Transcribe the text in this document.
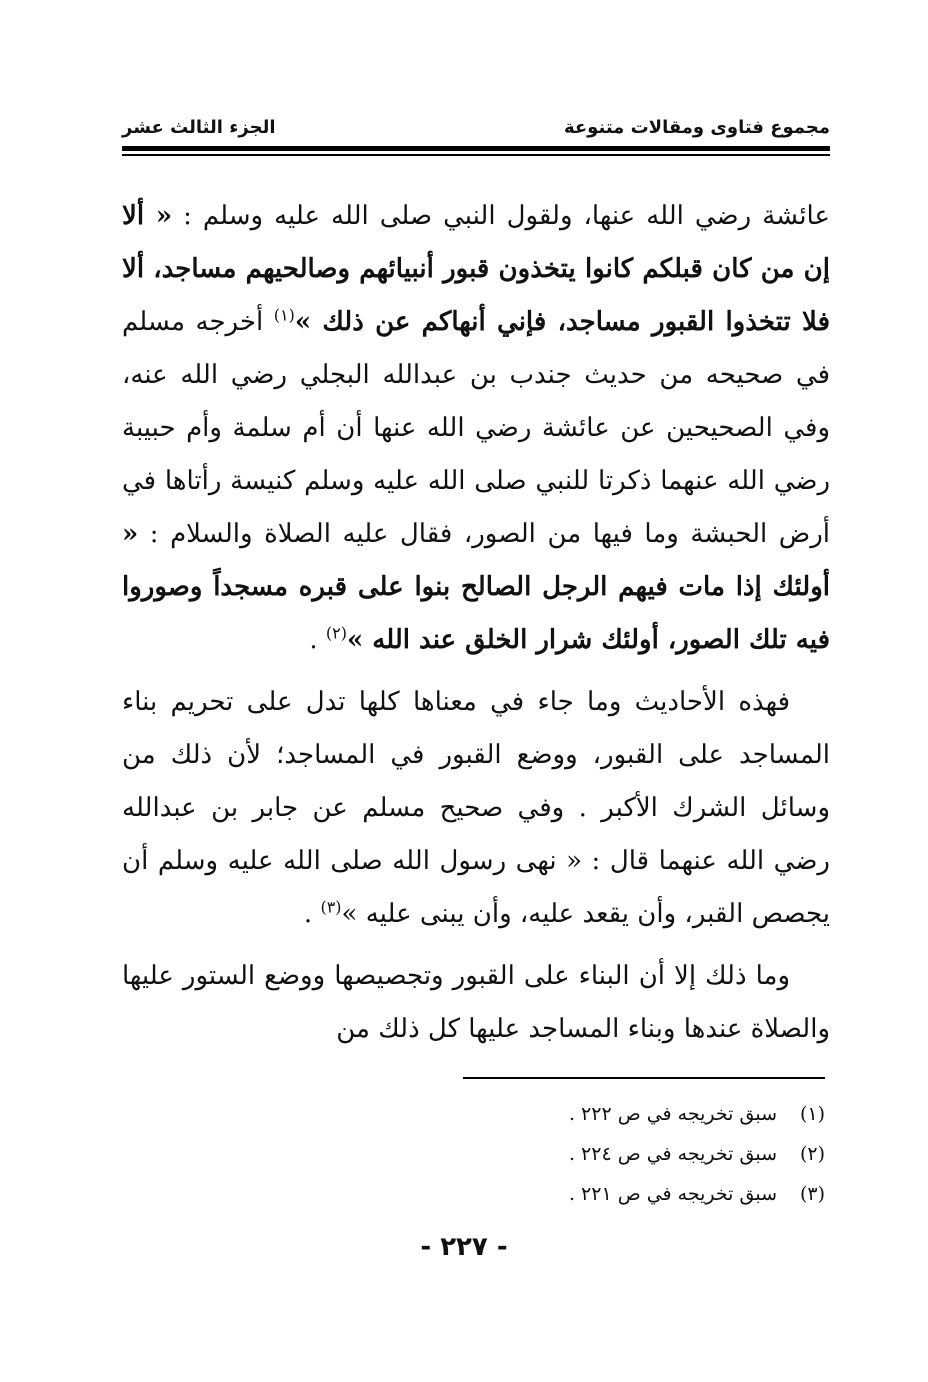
مجموع فتاوى ومقالات متنوعة
الجزء الثالث عشر

عائشة رضي الله عنها، ولقول النبي صلى الله عليه وسلم : « ألا إن من كان قبلكم كانوا يتخذون قبور أنبيائهم وصالحيهم مساجد، ألا فلا تتخذوا القبور مساجد، فإني أنهاكم عن ذلك »$^{(١)}$ أخرجه مسلم في صحيحه من حديث جندب بن عبدالله البجلي رضي الله عنه، وفي الصحيحين عن عائشة رضي الله عنها أن أم سلمة وأم حبيبة رضي الله عنهما ذكرتا للنبي صلى الله عليه وسلم كنيسة رأتاها في أرض الحبشة وما فيها من الصور، فقال عليه الصلاة والسلام : « أولئك إذا مات فيهم الرجل الصالح بنوا على قبره مسجداً وصوروا فيه تلك الصور، أولئك شرار الخلق عند الله »$^{(٢)}$ .

فهذه الأحاديث وما جاء في معناها كلها تدل على تحريم بناء المساجد على القبور، ووضع القبور في المساجد؛ لأن ذلك من وسائل الشرك الأكبر . وفي صحيح مسلم عن جابر بن عبدالله رضي الله عنهما قال : « نهى رسول الله صلى الله عليه وسلم أن يجصص القبر، وأن يقعد عليه، وأن يبنى عليه »$^{(٣)}$ .

وما ذلك إلا أن البناء على القبور وتجصيصها ووضع الستور عليها والصلاة عندها وبناء المساجد عليها كل ذلك من

(١)
سبق تخريجه في ص ٢٢٢ .
(٢)
سبق تخريجه في ص ٢٢٤ .
(٣)
سبق تخريجه في ص ٢٢١ .
- ٢٢٧ -
